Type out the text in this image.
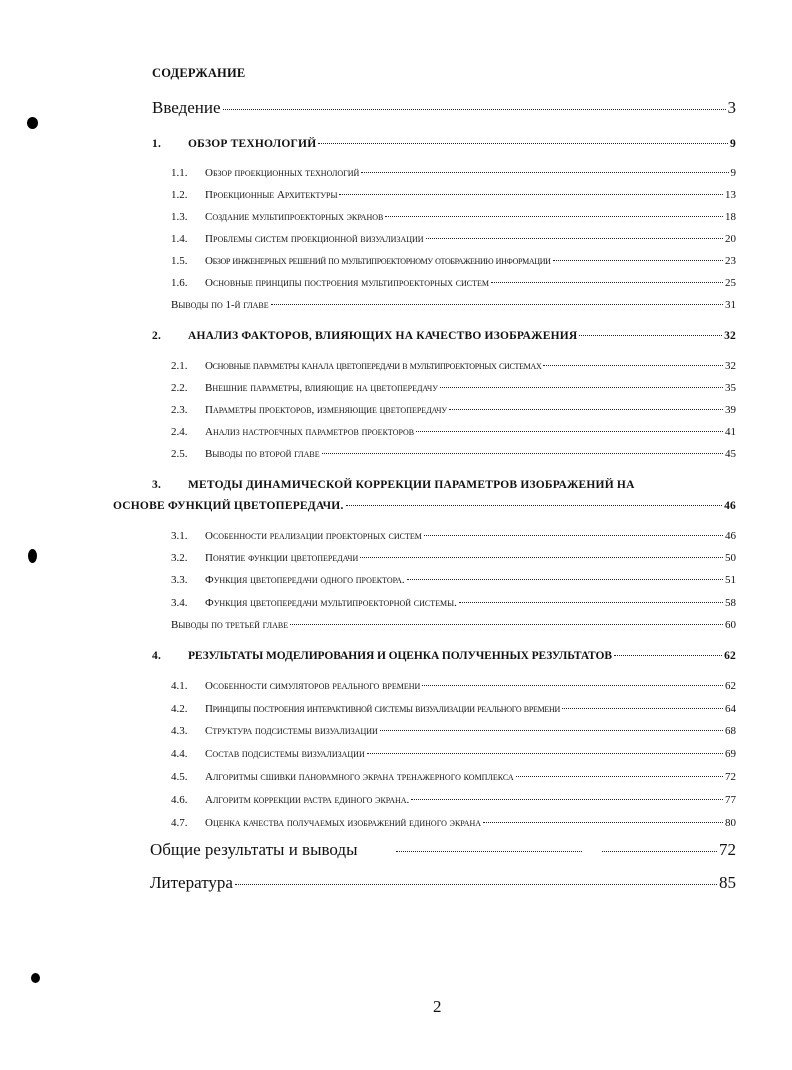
СОДЕРЖАНИЕ
Введение	3
1.	ОБЗОР ТЕХНОЛОГИЙ	9
1.1.	Обзор проекционных технологий	9
1.2.	Проекционные Архитектуры	13
1.3.	Создание мультипроекторных экранов	18
1.4.	Проблемы систем проекционной визуализации	20
1.5.	Обзор инженерных решений по мультипроекторному отображению информации	23
1.6.	Основные принципы построения мультипроекторных систем	25
Выводы по 1-й главе	31
2.	АНАЛИЗ ФАКТОРОВ, ВЛИЯЮЩИХ НА КАЧЕСТВО ИЗОБРАЖЕНИЯ	32
2.1.	Основные параметры канала цветопередачи в мультипроекторных системах	32
2.2.	Внешние параметры, влияющие на цветопередачу	35
2.3.	Параметры проекторов, изменяющие цветопередачу	39
2.4.	Анализ настроечных параметров проекторов	41
2.5.	Выводы по второй главе	45
3.	МЕТОДЫ ДИНАМИЧЕСКОЙ КОРРЕКЦИИ ПАРАМЕТРОВ ИЗОБРАЖЕНИЙ НА
ОСНОВЕ ФУНКЦИЙ ЦВЕТОПЕРЕДАЧИ.	46
3.1.	Особенности реализации проекторных систем	46
3.2.	Понятие функции цветопередачи	50
3.3.	Функция цветопередачи одного проектора.	51
3.4.	Функция цветопередачи мультипроекторной системы.	58
Выводы по третьей главе	60
4.	РЕЗУЛЬТАТЫ МОДЕЛИРОВАНИЯ И ОЦЕНКА ПОЛУЧЕННЫХ РЕЗУЛЬТАТОВ	62
4.1.	Особенности симуляторов реального времени	62
4.2.	Принципы построения интерактивной системы визуализации реального времени	64
4.3.	Структура подсистемы визуализации	68
4.4.	Состав подсистемы визуализации	69
4.5.	Алгоритмы сшивки панорамного экрана тренажерного комплекса	72
4.6.	Алгоритм коррекции растра единого экрана.	77
4.7.	Оценка качества получаемых изображений единого экрана	80
Общие результаты и выводы	72
Литература	85
2
